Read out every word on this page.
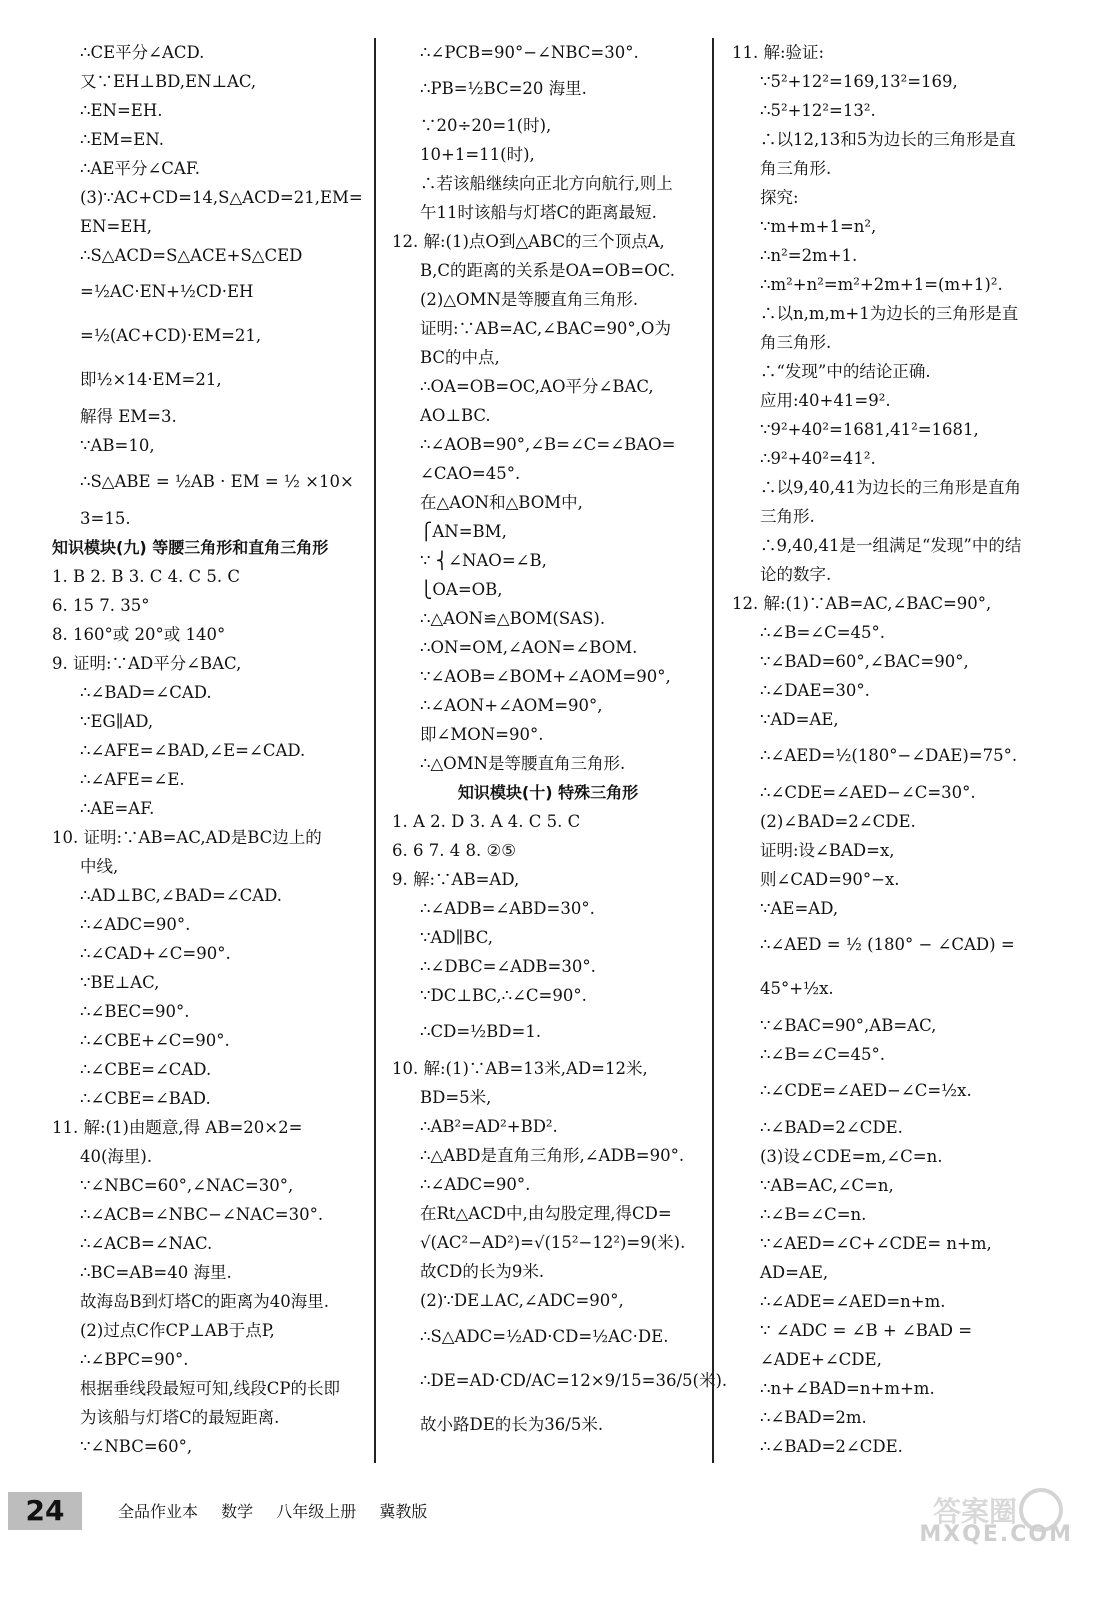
∴CE平分∠ACD.
又∵EH⊥BD,EN⊥AC,
∴EN=EH.
∴EM=EN.
∴AE平分∠CAF.
(3)∵AC+CD=14,S△ACD=21,EM=
EN=EH,
∴S△ACD=S△ACE+S△CED
=½AC·EN+½CD·EH
=½(AC+CD)·EM=21,
即½×14·EM=21,
解得 EM=3.
∵AB=10,
∴S△ABE = ½AB · EM = ½ ×10×
3=15.
知识模块(九) 等腰三角形和直角三角形
1. B 2. B 3. C 4. C 5. C
6. 15 7. 35°
8. 160°或 20°或 140°
9. 证明:∵AD平分∠BAC,
∴∠BAD=∠CAD.
∵EG∥AD,
∴∠AFE=∠BAD,∠E=∠CAD.
∴∠AFE=∠E.
∴AE=AF.
10. 证明:∵AB=AC,AD是BC边上的
中线,
∴AD⊥BC,∠BAD=∠CAD.
∴∠ADC=90°.
∴∠CAD+∠C=90°.
∵BE⊥AC,
∴∠BEC=90°.
∴∠CBE+∠C=90°.
∴∠CBE=∠CAD.
∴∠CBE=∠BAD.
11. 解:(1)由题意,得 AB=20×2=
40(海里).
∵∠NBC=60°,∠NAC=30°,
∴∠ACB=∠NBC−∠NAC=30°.
∴∠ACB=∠NAC.
∴BC=AB=40 海里.
故海岛B到灯塔C的距离为40海里.
(2)过点C作CP⊥AB于点P,
∴∠BPC=90°.
根据垂线段最短可知,线段CP的长即
为该船与灯塔C的最短距离.
∵∠NBC=60°,
∴∠PCB=90°−∠NBC=30°.
∴PB=½BC=20 海里.
∵20÷20=1(时),
10+1=11(时),
∴若该船继续向正北方向航行,则上
午11时该船与灯塔C的距离最短.
12. 解:(1)点O到△ABC的三个顶点A,
B,C的距离的关系是OA=OB=OC.
(2)△OMN是等腰直角三角形.
证明:∵AB=AC,∠BAC=90°,O为
BC的中点,
∴OA=OB=OC,AO平分∠BAC,
AO⊥BC.
∴∠AOB=90°,∠B=∠C=∠BAO=
∠CAO=45°.
在△AON和△BOM中,
⎧AN=BM,
∵ ⎨∠NAO=∠B,
⎩OA=OB,
∴△AON≌△BOM(SAS).
∴ON=OM,∠AON=∠BOM.
∵∠AOB=∠BOM+∠AOM=90°,
∴∠AON+∠AOM=90°,
即∠MON=90°.
∴△OMN是等腰直角三角形.
知识模块(十) 特殊三角形
1. A 2. D 3. A 4. C 5. C
6. 6 7. 4 8. ②⑤
9. 解:∵AB=AD,
∴∠ADB=∠ABD=30°.
∵AD∥BC,
∴∠DBC=∠ADB=30°.
∵DC⊥BC,∴∠C=90°.
∴CD=½BD=1.
10. 解:(1)∵AB=13米,AD=12米,
BD=5米,
∴AB²=AD²+BD².
∴△ABD是直角三角形,∠ADB=90°.
∴∠ADC=90°.
在Rt△ACD中,由勾股定理,得CD=
√(AC²−AD²)=√(15²−12²)=9(米).
故CD的长为9米.
(2)∵DE⊥AC,∠ADC=90°,
∴S△ADC=½AD·CD=½AC·DE.
∴DE=AD·CD/AC=12×9/15=36/5(米).
故小路DE的长为36/5米.
11. 解:验证:
∵5²+12²=169,13²=169,
∴5²+12²=13².
∴以12,13和5为边长的三角形是直
角三角形.
探究:
∵m+m+1=n²,
∴n²=2m+1.
∴m²+n²=m²+2m+1=(m+1)².
∴以n,m,m+1为边长的三角形是直
角三角形.
∴“发现”中的结论正确.
应用:40+41=9².
∵9²+40²=1681,41²=1681,
∴9²+40²=41².
∴以9,40,41为边长的三角形是直角
三角形.
∴9,40,41是一组满足“发现”中的结
论的数字.
12. 解:(1)∵AB=AC,∠BAC=90°,
∴∠B=∠C=45°.
∵∠BAD=60°,∠BAC=90°,
∴∠DAE=30°.
∵AD=AE,
∴∠AED=½(180°−∠DAE)=75°.
∴∠CDE=∠AED−∠C=30°.
(2)∠BAD=2∠CDE.
证明:设∠BAD=x,
则∠CAD=90°−x.
∵AE=AD,
∴∠AED = ½ (180° − ∠CAD) =
45°+½x.
∵∠BAC=90°,AB=AC,
∴∠B=∠C=45°.
∴∠CDE=∠AED−∠C=½x.
∴∠BAD=2∠CDE.
(3)设∠CDE=m,∠C=n.
∵AB=AC,∠C=n,
∴∠B=∠C=n.
∵∠AED=∠C+∠CDE= n+m,
AD=AE,
∴∠ADE=∠AED=n+m.
∵ ∠ADC = ∠B + ∠BAD =
∠ADE+∠CDE,
∴n+∠BAD=n+m+m.
∴∠BAD=2m.
∴∠BAD=2∠CDE.
24	全品作业本 数学 八年级上册 冀教版	答案圈
MXQE.COM
